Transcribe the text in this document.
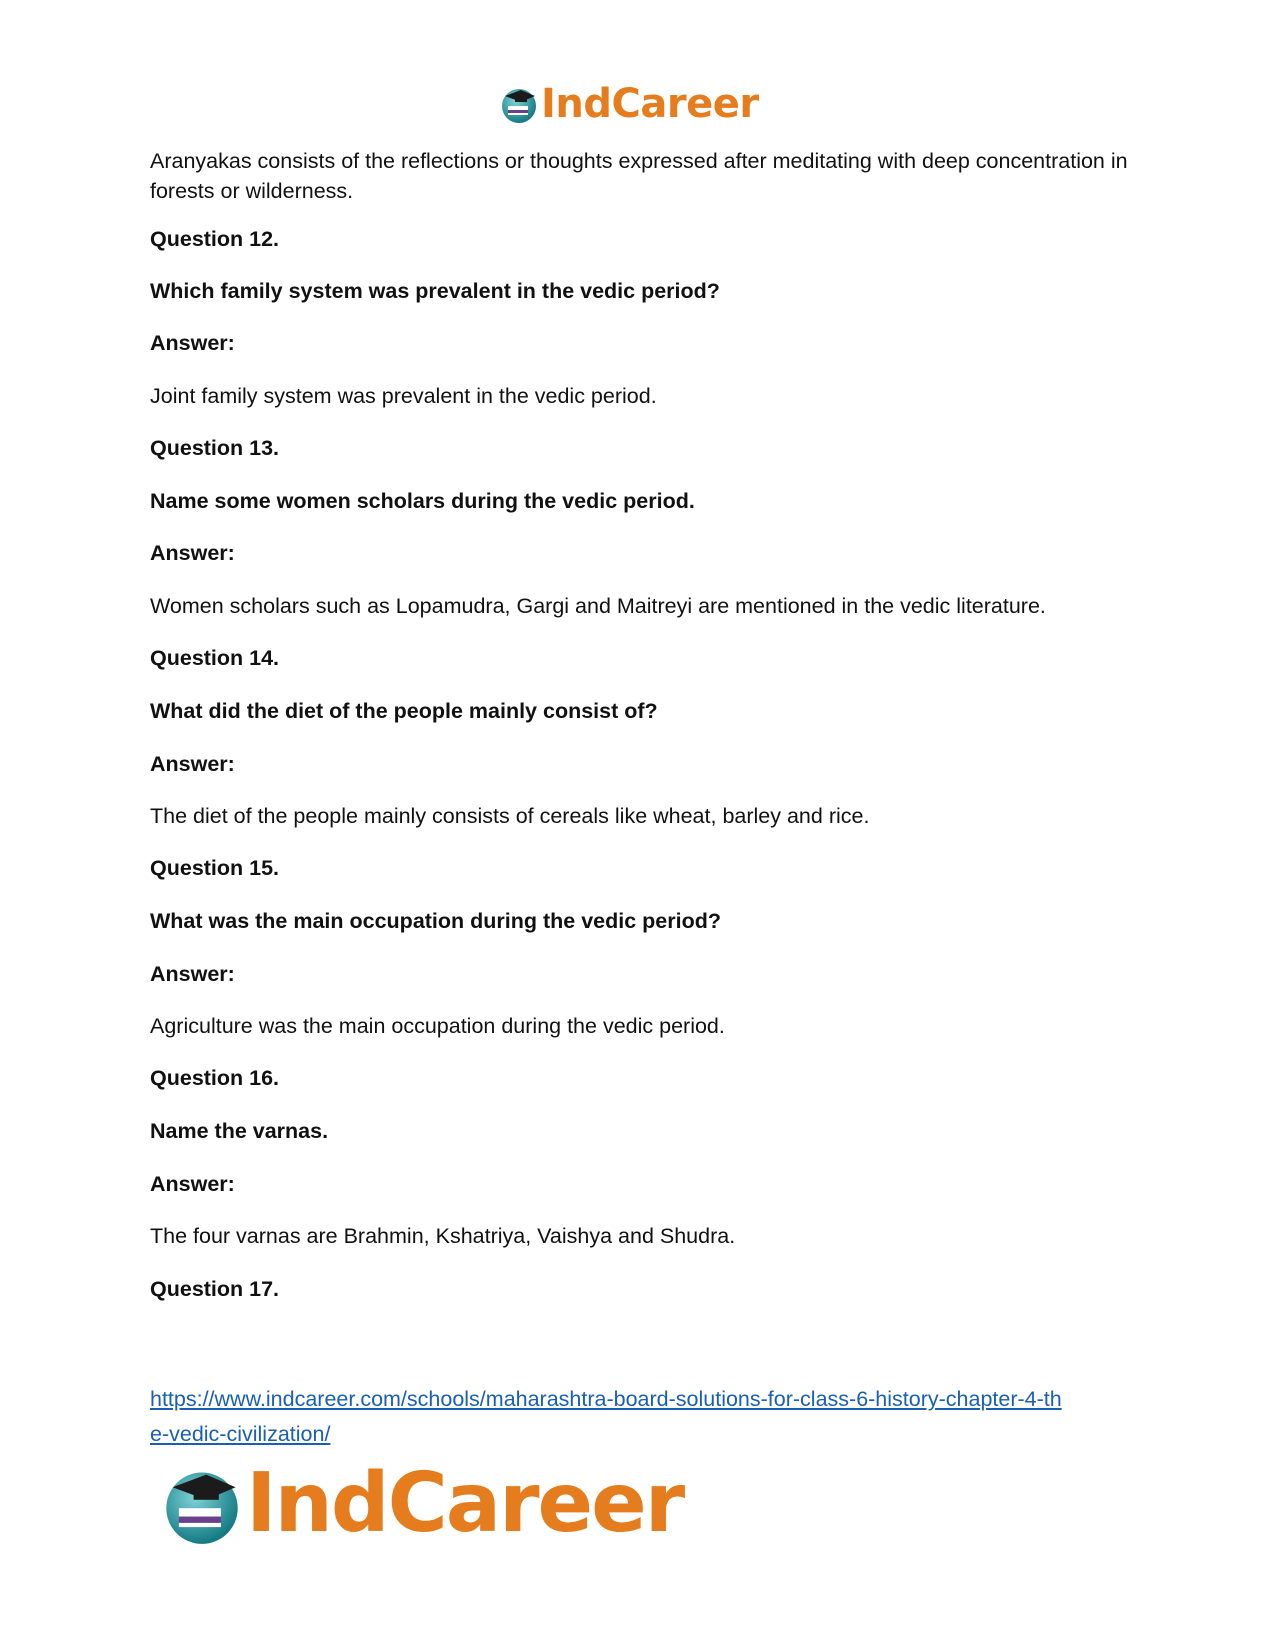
IndCareer

Aranyakas consists of the reflections or thoughts expressed after meditating with deep concentration in forests or wilderness.

Question 12.

Which family system was prevalent in the vedic period?

Answer:

Joint family system was prevalent in the vedic period.

Question 13.

Name some women scholars during the vedic period.

Answer:

Women scholars such as Lopamudra, Gargi and Maitreyi are mentioned in the vedic literature.

Question 14.

What did the diet of the people mainly consist of?

Answer:

The diet of the people mainly consists of cereals like wheat, barley and rice.

Question 15.

What was the main occupation during the vedic period?

Answer:

Agriculture was the main occupation during the vedic period.

Question 16.

Name the varnas.

Answer:

The four varnas are Brahmin, Kshatriya, Vaishya and Shudra.

Question 17.

https://www.indcareer.com/schools/maharashtra-board-solutions-for-class-6-history-chapter-4-th
e-vedic-civilization/
IndCareer
